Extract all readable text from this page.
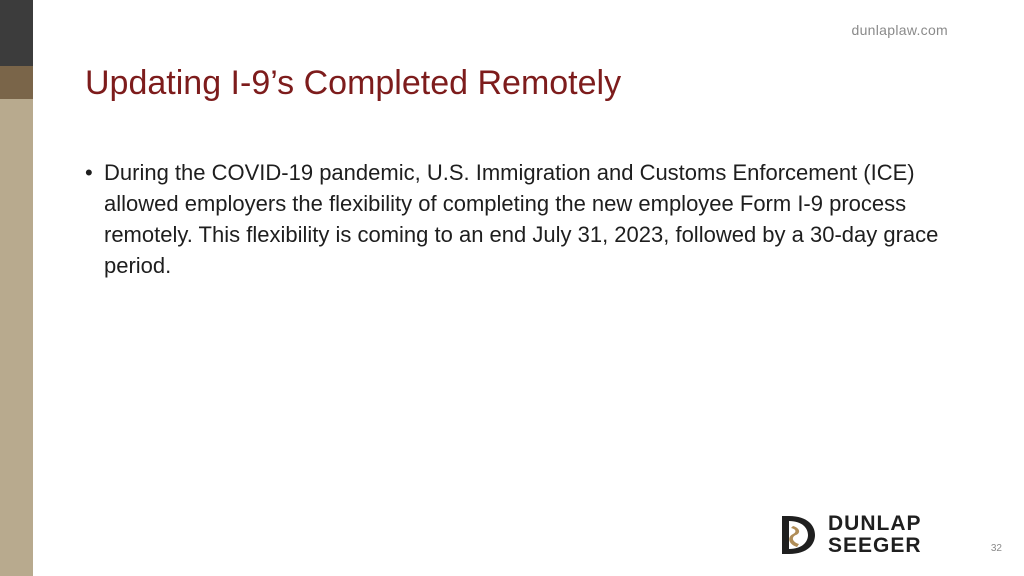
dunlaplaw.com
Updating I-9’s Completed Remotely
• During the COVID-19 pandemic, U.S. Immigration and Customs Enforcement (ICE) allowed employers the flexibility of completing the new employee Form I-9 process remotely. This flexibility is coming to an end July 31, 2023, followed by a 30-day grace period.
DUNLAP
SEEGER	32
